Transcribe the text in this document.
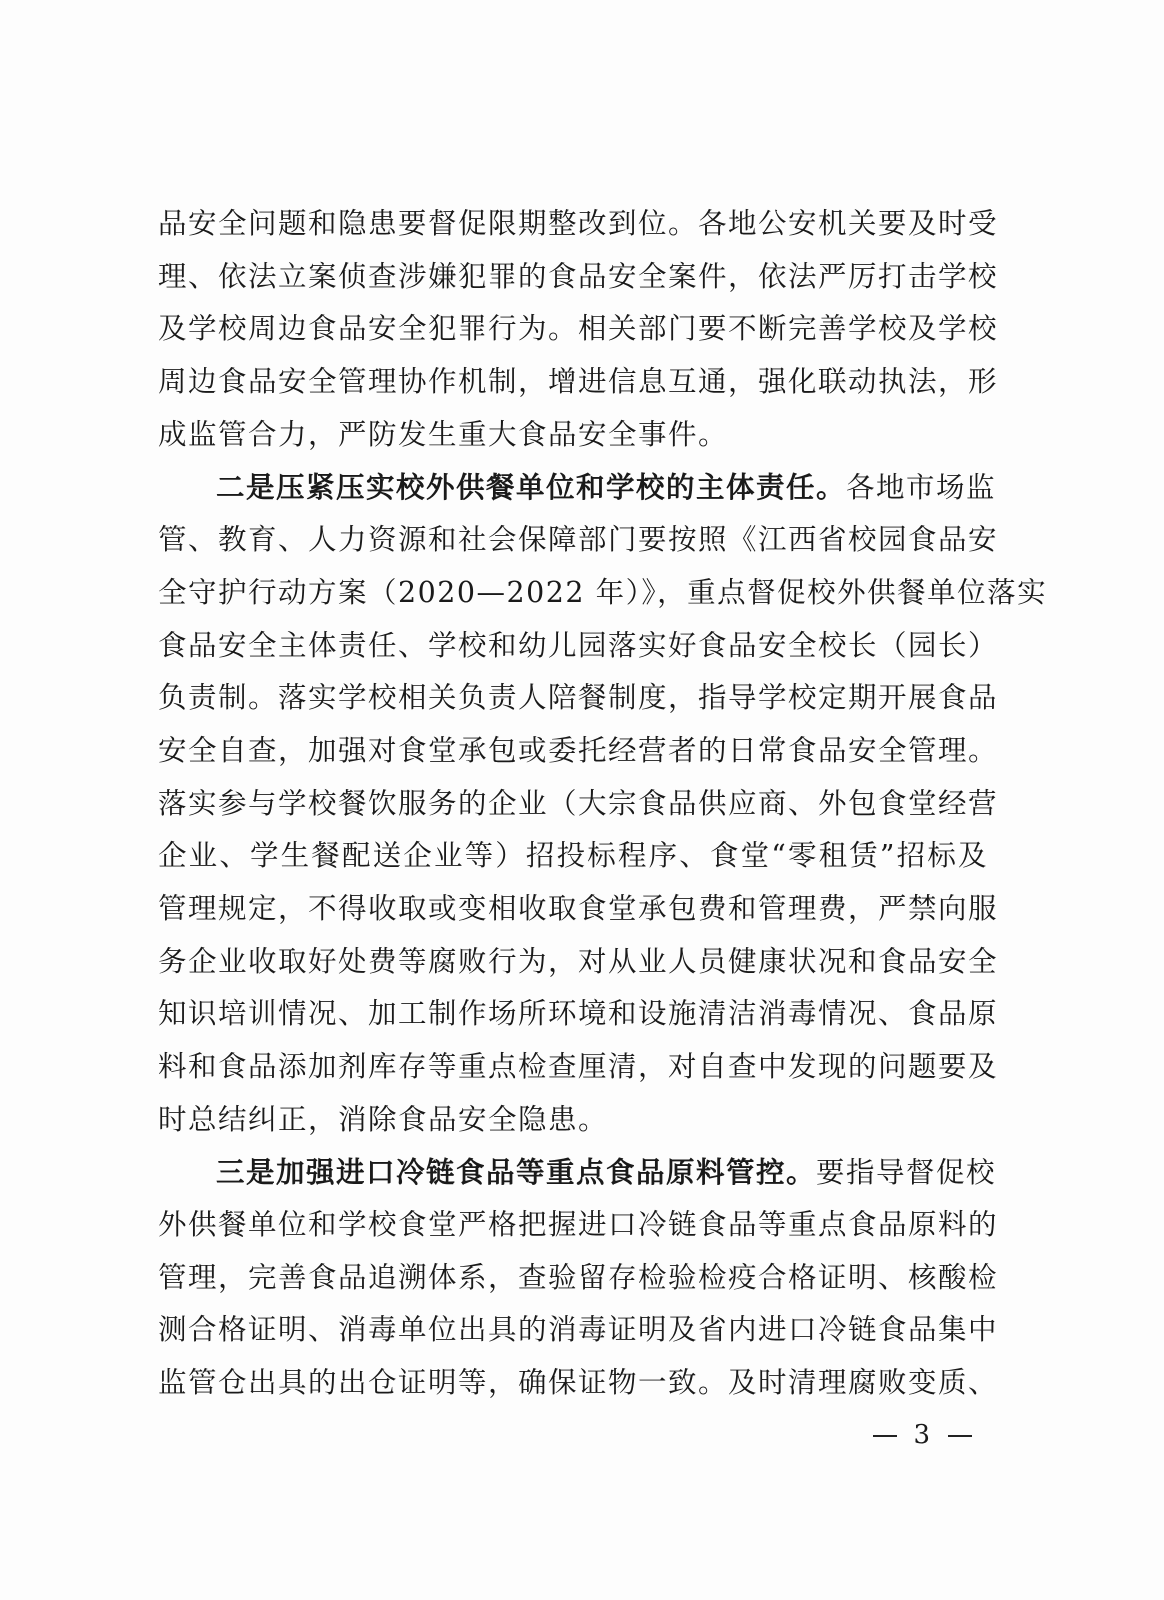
品安全问题和隐患要督促限期整改到位。各地公安机关要及时受
理、依法立案侦查涉嫌犯罪的食品安全案件，依法严厉打击学校
及学校周边食品安全犯罪行为。相关部门要不断完善学校及学校
周边食品安全管理协作机制，增进信息互通，强化联动执法，形
成监管合力，严防发生重大食品安全事件。
二是压紧压实校外供餐单位和学校的主体责任。各地市场监
管、教育、人力资源和社会保障部门要按照《江西省校园食品安
全守护行动方案（2020—2022 年）》，重点督促校外供餐单位落实
食品安全主体责任、学校和幼儿园落实好食品安全校长（园长）
负责制。落实学校相关负责人陪餐制度，指导学校定期开展食品
安全自查，加强对食堂承包或委托经营者的日常食品安全管理。
落实参与学校餐饮服务的企业（大宗食品供应商、外包食堂经营
企业、学生餐配送企业等）招投标程序、食堂“零租赁”招标及
管理规定，不得收取或变相收取食堂承包费和管理费，严禁向服
务企业收取好处费等腐败行为，对从业人员健康状况和食品安全
知识培训情况、加工制作场所环境和设施清洁消毒情况、食品原
料和食品添加剂库存等重点检查厘清，对自查中发现的问题要及
时总结纠正，消除食品安全隐患。
三是加强进口冷链食品等重点食品原料管控。要指导督促校
外供餐单位和学校食堂严格把握进口冷链食品等重点食品原料的
管理，完善食品追溯体系，查验留存检验检疫合格证明、核酸检
测合格证明、消毒单位出具的消毒证明及省内进口冷链食品集中
监管仓出具的出仓证明等，确保证物一致。及时清理腐败变质、
3
